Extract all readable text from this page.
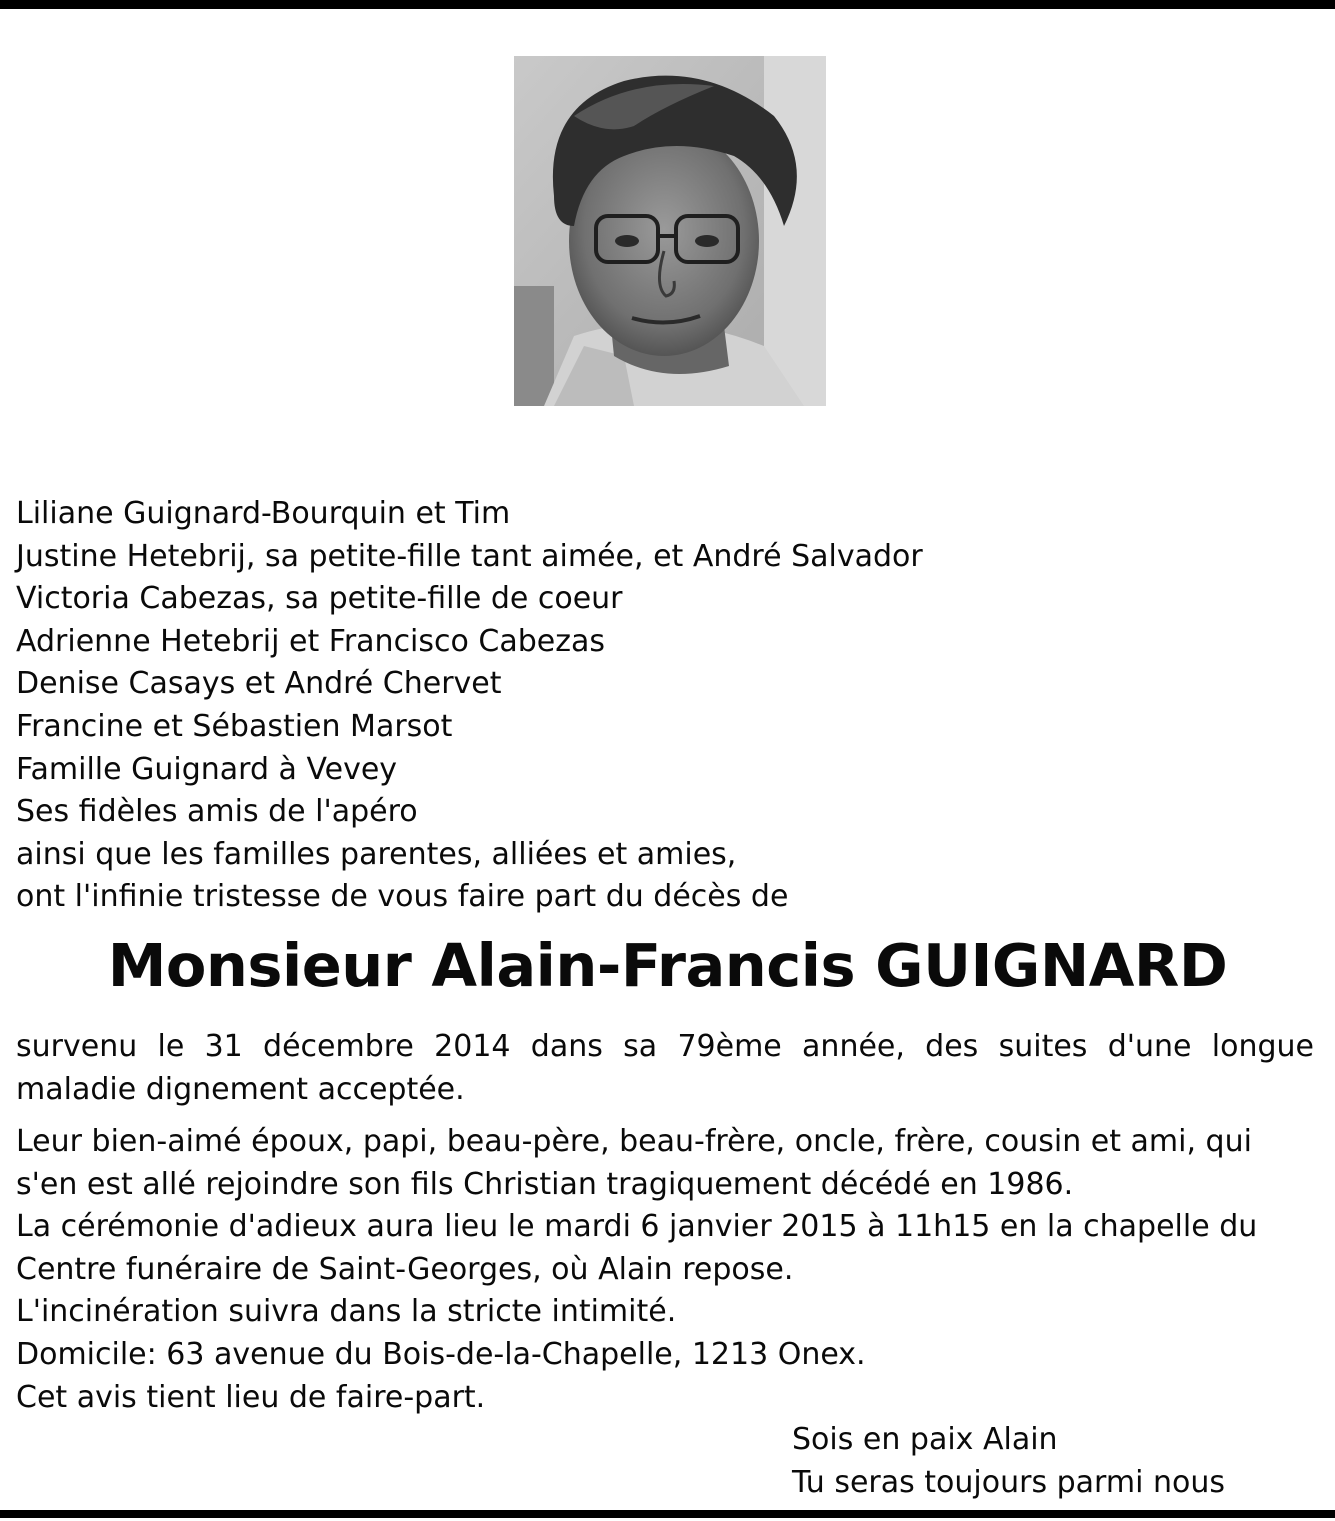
Liliane Guignard-Bourquin et Tim
Justine Hetebrij, sa petite-fille tant aimée, et André Salvador
Victoria Cabezas, sa petite-fille de coeur
Adrienne Hetebrij et Francisco Cabezas
Denise Casays et André Chervet
Francine et Sébastien Marsot
Famille Guignard à Vevey
Ses fidèles amis de l'apéro
ainsi que les familles parentes, alliées et amies,
ont l'infinie tristesse de vous faire part du décès de
Monsieur Alain-Francis GUIGNARD
survenu le 31 décembre 2014 dans sa 79ème année, des suites d'une longue maladie dignement acceptée.
Leur bien-aimé époux, papi, beau-père, beau-frère, oncle, frère, cousin et ami, qui
s'en est allé rejoindre son fils Christian tragiquement décédé en 1986.
La cérémonie d'adieux aura lieu le mardi 6 janvier 2015 à 11h15 en la chapelle du
Centre funéraire de Saint-Georges, où Alain repose.
L'incinération suivra dans la stricte intimité.
Domicile: 63 avenue du Bois-de-la-Chapelle, 1213 Onex.
Cet avis tient lieu de faire-part.
Sois en paix Alain
Tu seras toujours parmi nous
